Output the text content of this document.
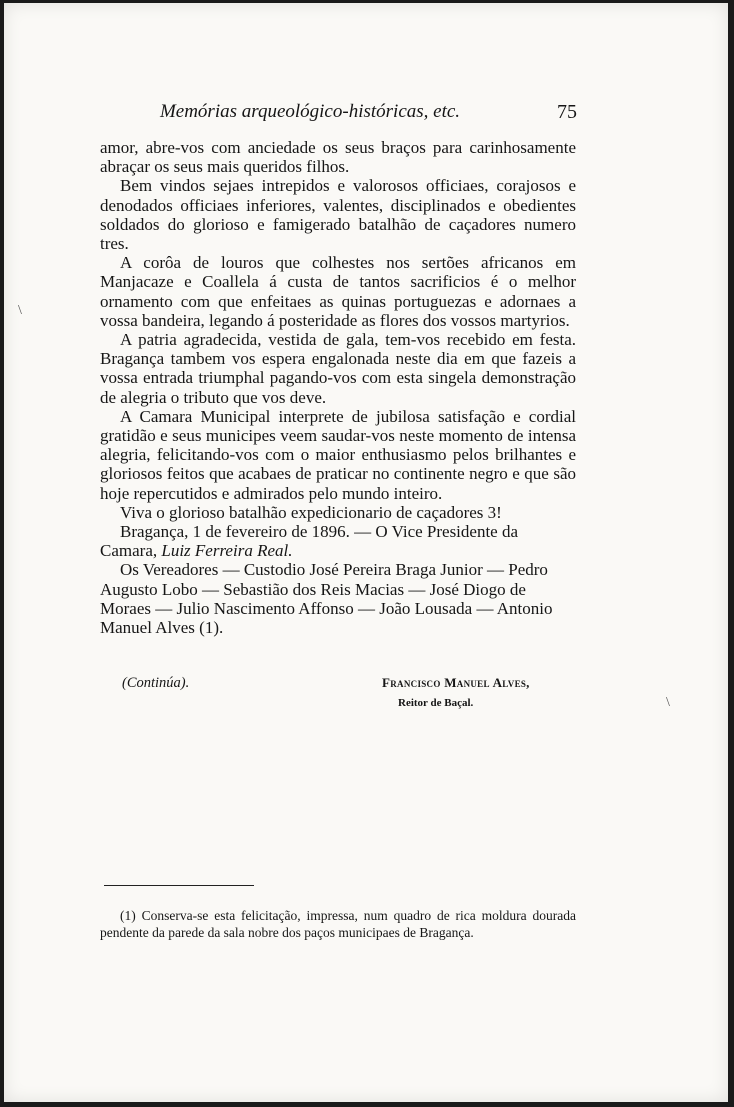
Memórias arqueológico-históricas, etc.	75

amor, abre-vos com anciedade os seus braços para carinhosamente abraçar os seus mais queridos filhos.

Bem vindos sejaes intrepidos e valorosos officiaes, corajosos e denodados officiaes inferiores, valentes, disciplinados e obedientes soldados do glorioso e famigerado batalhão de caçadores numero tres.

A corôa de louros que colhestes nos sertões africanos em Manjacaze e Coallela á custa de tantos sacrificios é o melhor ornamento com que enfeitaes as quinas portuguezas e adornaes a vossa bandeira, legando á posteridade as flores dos vossos martyrios.

A patria agradecida, vestida de gala, tem-vos recebido em festa. Bragança tambem vos espera engalonada neste dia em que fazeis a vossa entrada triumphal pagando-vos com esta singela demonstração de alegria o tributo que vos deve.

A Camara Municipal interprete de jubilosa satisfação e cordial gratidão e seus municipes veem saudar-vos neste momento de intensa alegria, felicitando-vos com o maior enthusiasmo pelos brilhantes e gloriosos feitos que acabaes de praticar no continente negro e que são hoje repercutidos e admirados pelo mundo inteiro.

Viva o glorioso batalhão expedicionario de caçadores 3!

Bragança, 1 de fevereiro de 1896. — O Vice Presidente da Camara, Luiz Ferreira Real.

Os Vereadores — Custodio José Pereira Braga Junior — Pedro Augusto Lobo — Sebastião dos Reis Macias — José Diogo de Moraes — Julio Nascimento Affonso — João Lousada — Antonio Manuel Alves (1).

(Continúa).	Francisco Manuel Alves,
Reitor de Baçal.
(1) Conserva-se esta felicitação, impressa, num quadro de rica moldura dourada pendente da parede da sala nobre dos paços municipaes de Bragança.
\
\
